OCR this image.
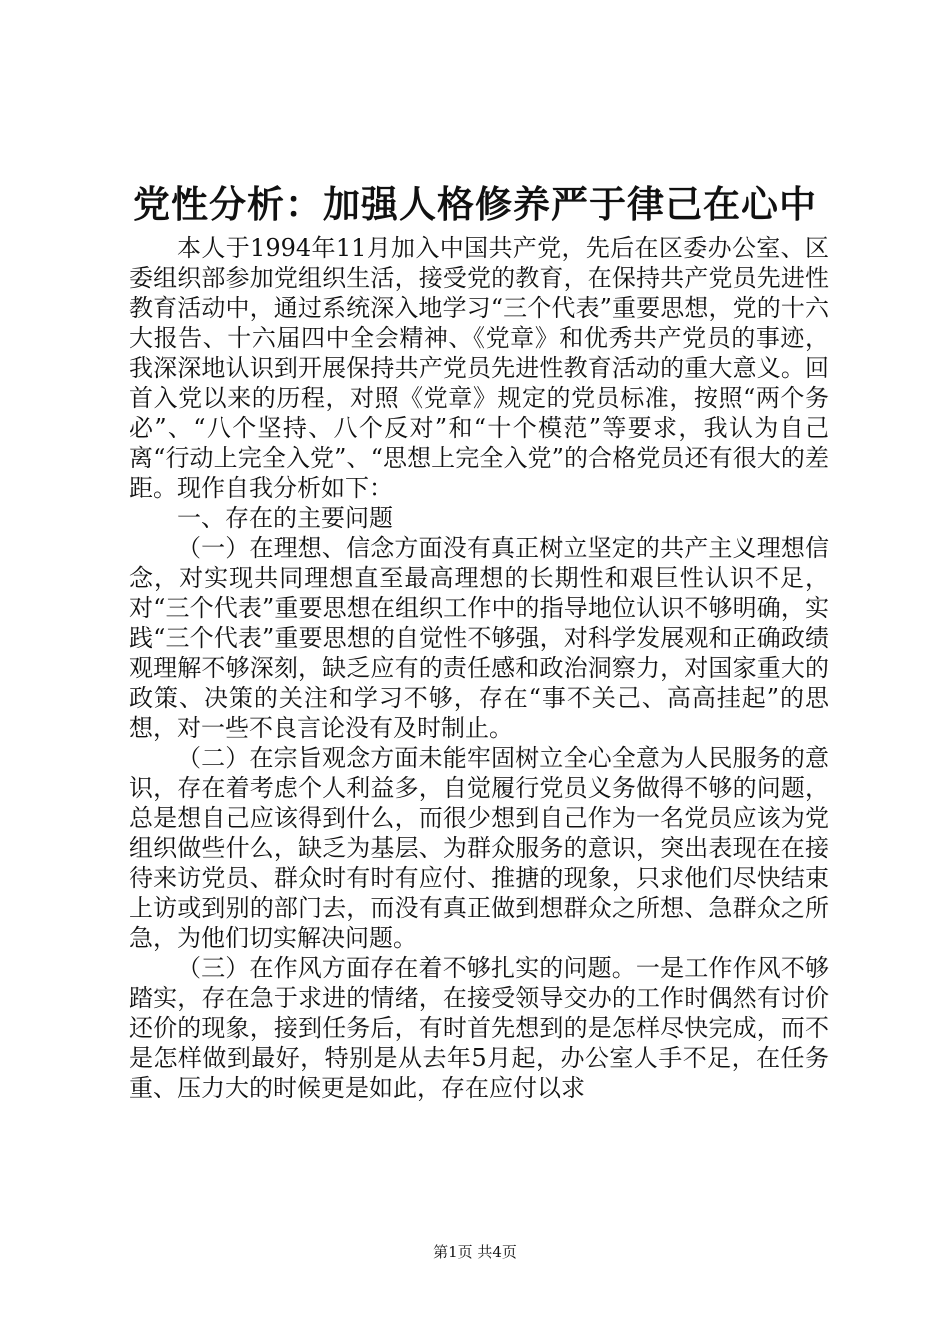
党性分析：加强人格修养严于律己在心中

本人于1994年11月加入中国共产党，先后在区委办公室、区委组织部参加党组织生活，接受党的教育，在保持共产党员先进性教育活动中，通过系统深入地学习“三个代表”重要思想，党的十六大报告、十六届四中全会精神、《党章》和优秀共产党员的事迹，我深深地认识到开展保持共产党员先进性教育活动的重大意义。回首入党以来的历程，对照《党章》规定的党员标准，按照“两个务必”、“八个坚持、八个反对”和“十个模范”等要求，我认为自己离“行动上完全入党”、“思想上完全入党”的合格党员还有很大的差距。现作自我分析如下：

一、存在的主要问题

（一）在理想、信念方面没有真正树立坚定的共产主义理想信念，对实现共同理想直至最高理想的长期性和艰巨性认识不足，对“三个代表”重要思想在组织工作中的指导地位认识不够明确，实践“三个代表”重要思想的自觉性不够强，对科学发展观和正确政绩观理解不够深刻，缺乏应有的责任感和政治洞察力，对国家重大的政策、决策的关注和学习不够，存在“事不关己、高高挂起”的思想，对一些不良言论没有及时制止。

（二）在宗旨观念方面未能牢固树立全心全意为人民服务的意识，存在着考虑个人利益多，自觉履行党员义务做得不够的问题，总是想自己应该得到什么，而很少想到自己作为一名党员应该为党组织做些什么，缺乏为基层、为群众服务的意识，突出表现在在接待来访党员、群众时有时有应付、推搪的现象，只求他们尽快结束上访或到别的部门去，而没有真正做到想群众之所想、急群众之所急，为他们切实解决问题。

（三）在作风方面存在着不够扎实的问题。一是工作作风不够踏实，存在急于求进的情绪，在接受领导交办的工作时偶然有讨价还价的现象，接到任务后，有时首先想到的是怎样尽快完成，而不是怎样做到最好，特别是从去年5月起，办公室人手不足，在任务重、压力大的时候更是如此，存在应付以求

第1页 共4页
